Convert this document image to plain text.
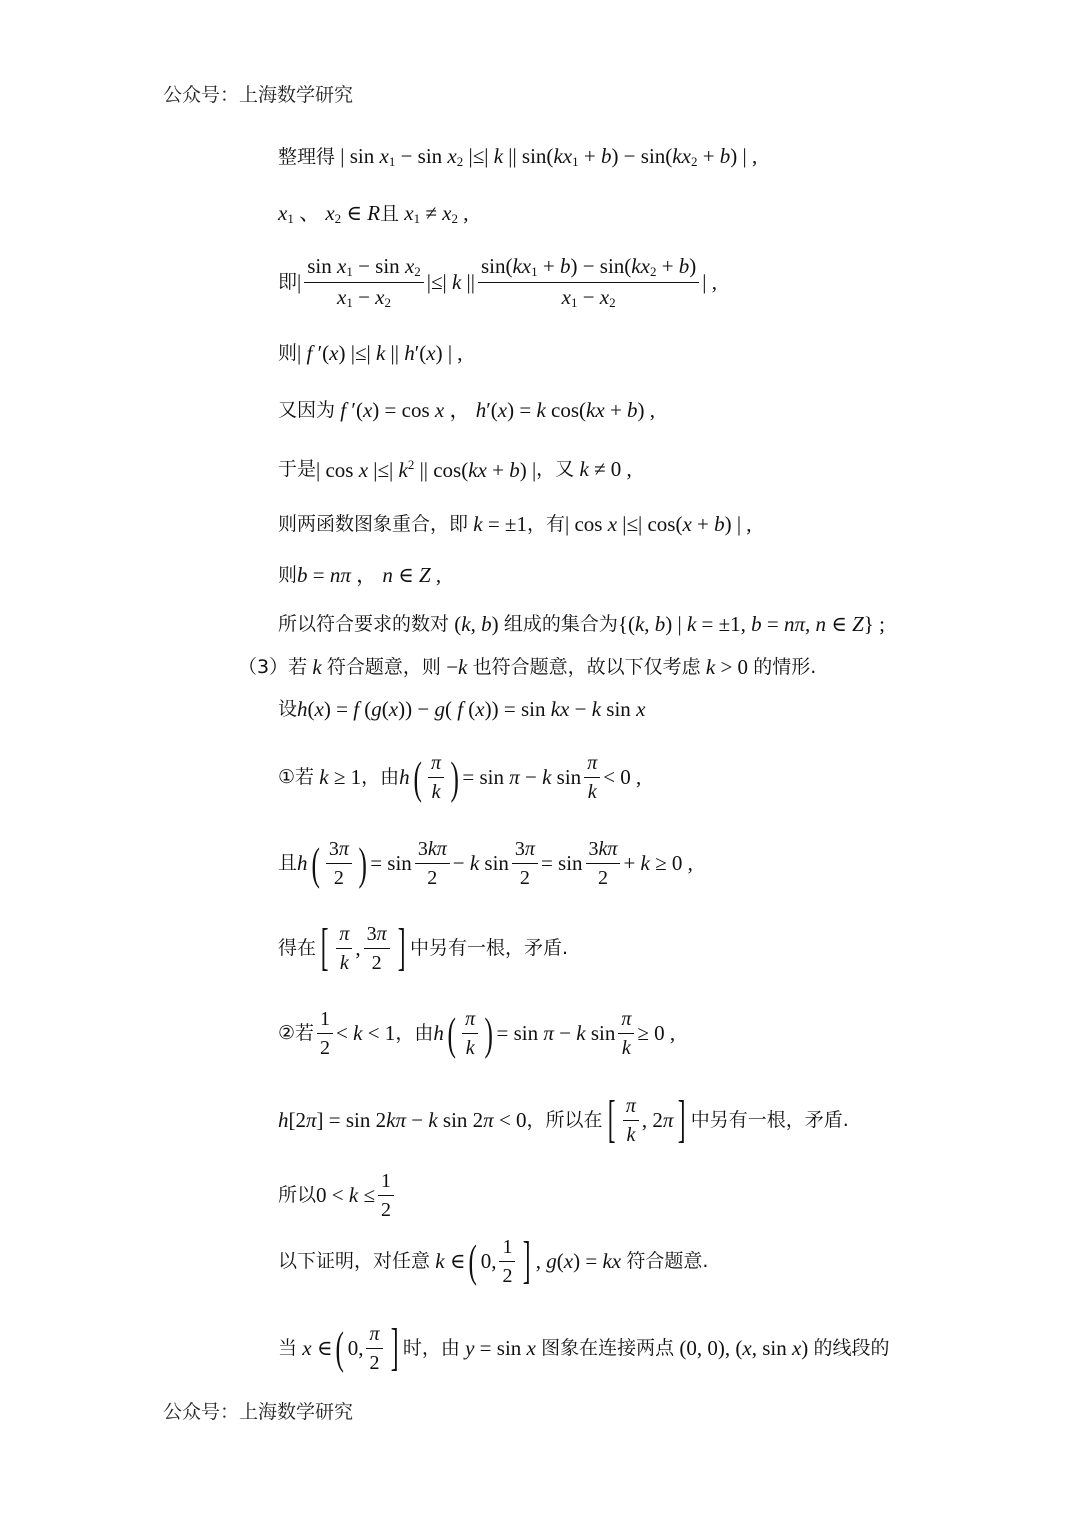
公众号：上海数学研究
整理得 | $\sin x_1 - \sin x_2$ |≤| k || $\sin(kx_1 + b) - \sin(kx_2 + b)$ | ,
$x_1$ 、 $x_2$ ∈ R 且 $x_1 \ne x_2$ ,
即 | $\frac{\sin x_1 - \sin x_2}{x_1 - x_2}$ |≤| k || $\frac{\sin(kx_1 + b) - \sin(kx_2 + b)}{x_1 - x_2}$ | ,
则 | f ′(x) |≤| k || h′(x) | ,
又因为 f ′(x) = cos x ， h′(x) = k cos(kx + b) ,
于是 | cos x |≤| $k^2$ || cos(kx + b) | ，又 k ≠ 0 ,
则两函数图象重合，即 k = ±1 ，有 | cos x |≤| cos(x + b) | ,
则 b = nπ ， n ∈ Z ,
所以符合要求的数对 (k, b) 组成的集合为 {(k, b) | k = ±1, b = nπ, n ∈ Z} ;
（3）若 k 符合题意，则 −k 也符合题意，故以下仅考虑 k > 0 的情形.
设 h(x) = f (g(x)) − g( f (x)) = sin kx − k sin x
①若 k ≥ 1 ，由 h ( $\frac{\pi}{k}$ ) = sin π − k $\sin \frac{\pi}{k} < 0$ ,
且 h ( $\frac{3\pi}{2}$ ) = $\sin \frac{3k\pi}{2} - k$ $\sin \frac{3\pi}{2} = \sin \frac{3k\pi}{2} + k \ge 0$ ,
得在 [ $\frac{\pi}{k}$ , $\frac{3\pi}{2}$ ] 中另有一根，矛盾.
②若 $\frac{1}{2} < k < 1$ ，由 h ( $\frac{\pi}{k}$ ) = sin π − k $\sin \frac{\pi}{k} \ge 0$ ,
h[2π] = sin 2kπ − k sin 2π < 0 ，所以在 [ $\frac{\pi}{k}$ , 2π ] 中另有一根，矛盾.
所以 $0 < k \le \frac{1}{2}$
以下证明，对任意 k ∈ ( 0, $\frac{1}{2}$ ] , g(x) = kx 符合题意.
当 x ∈ ( 0, $\frac{\pi}{2}$ ] 时，由 y = sin x 图象在连接两点 (0, 0), (x, sin x) 的线段的
公众号：上海数学研究
